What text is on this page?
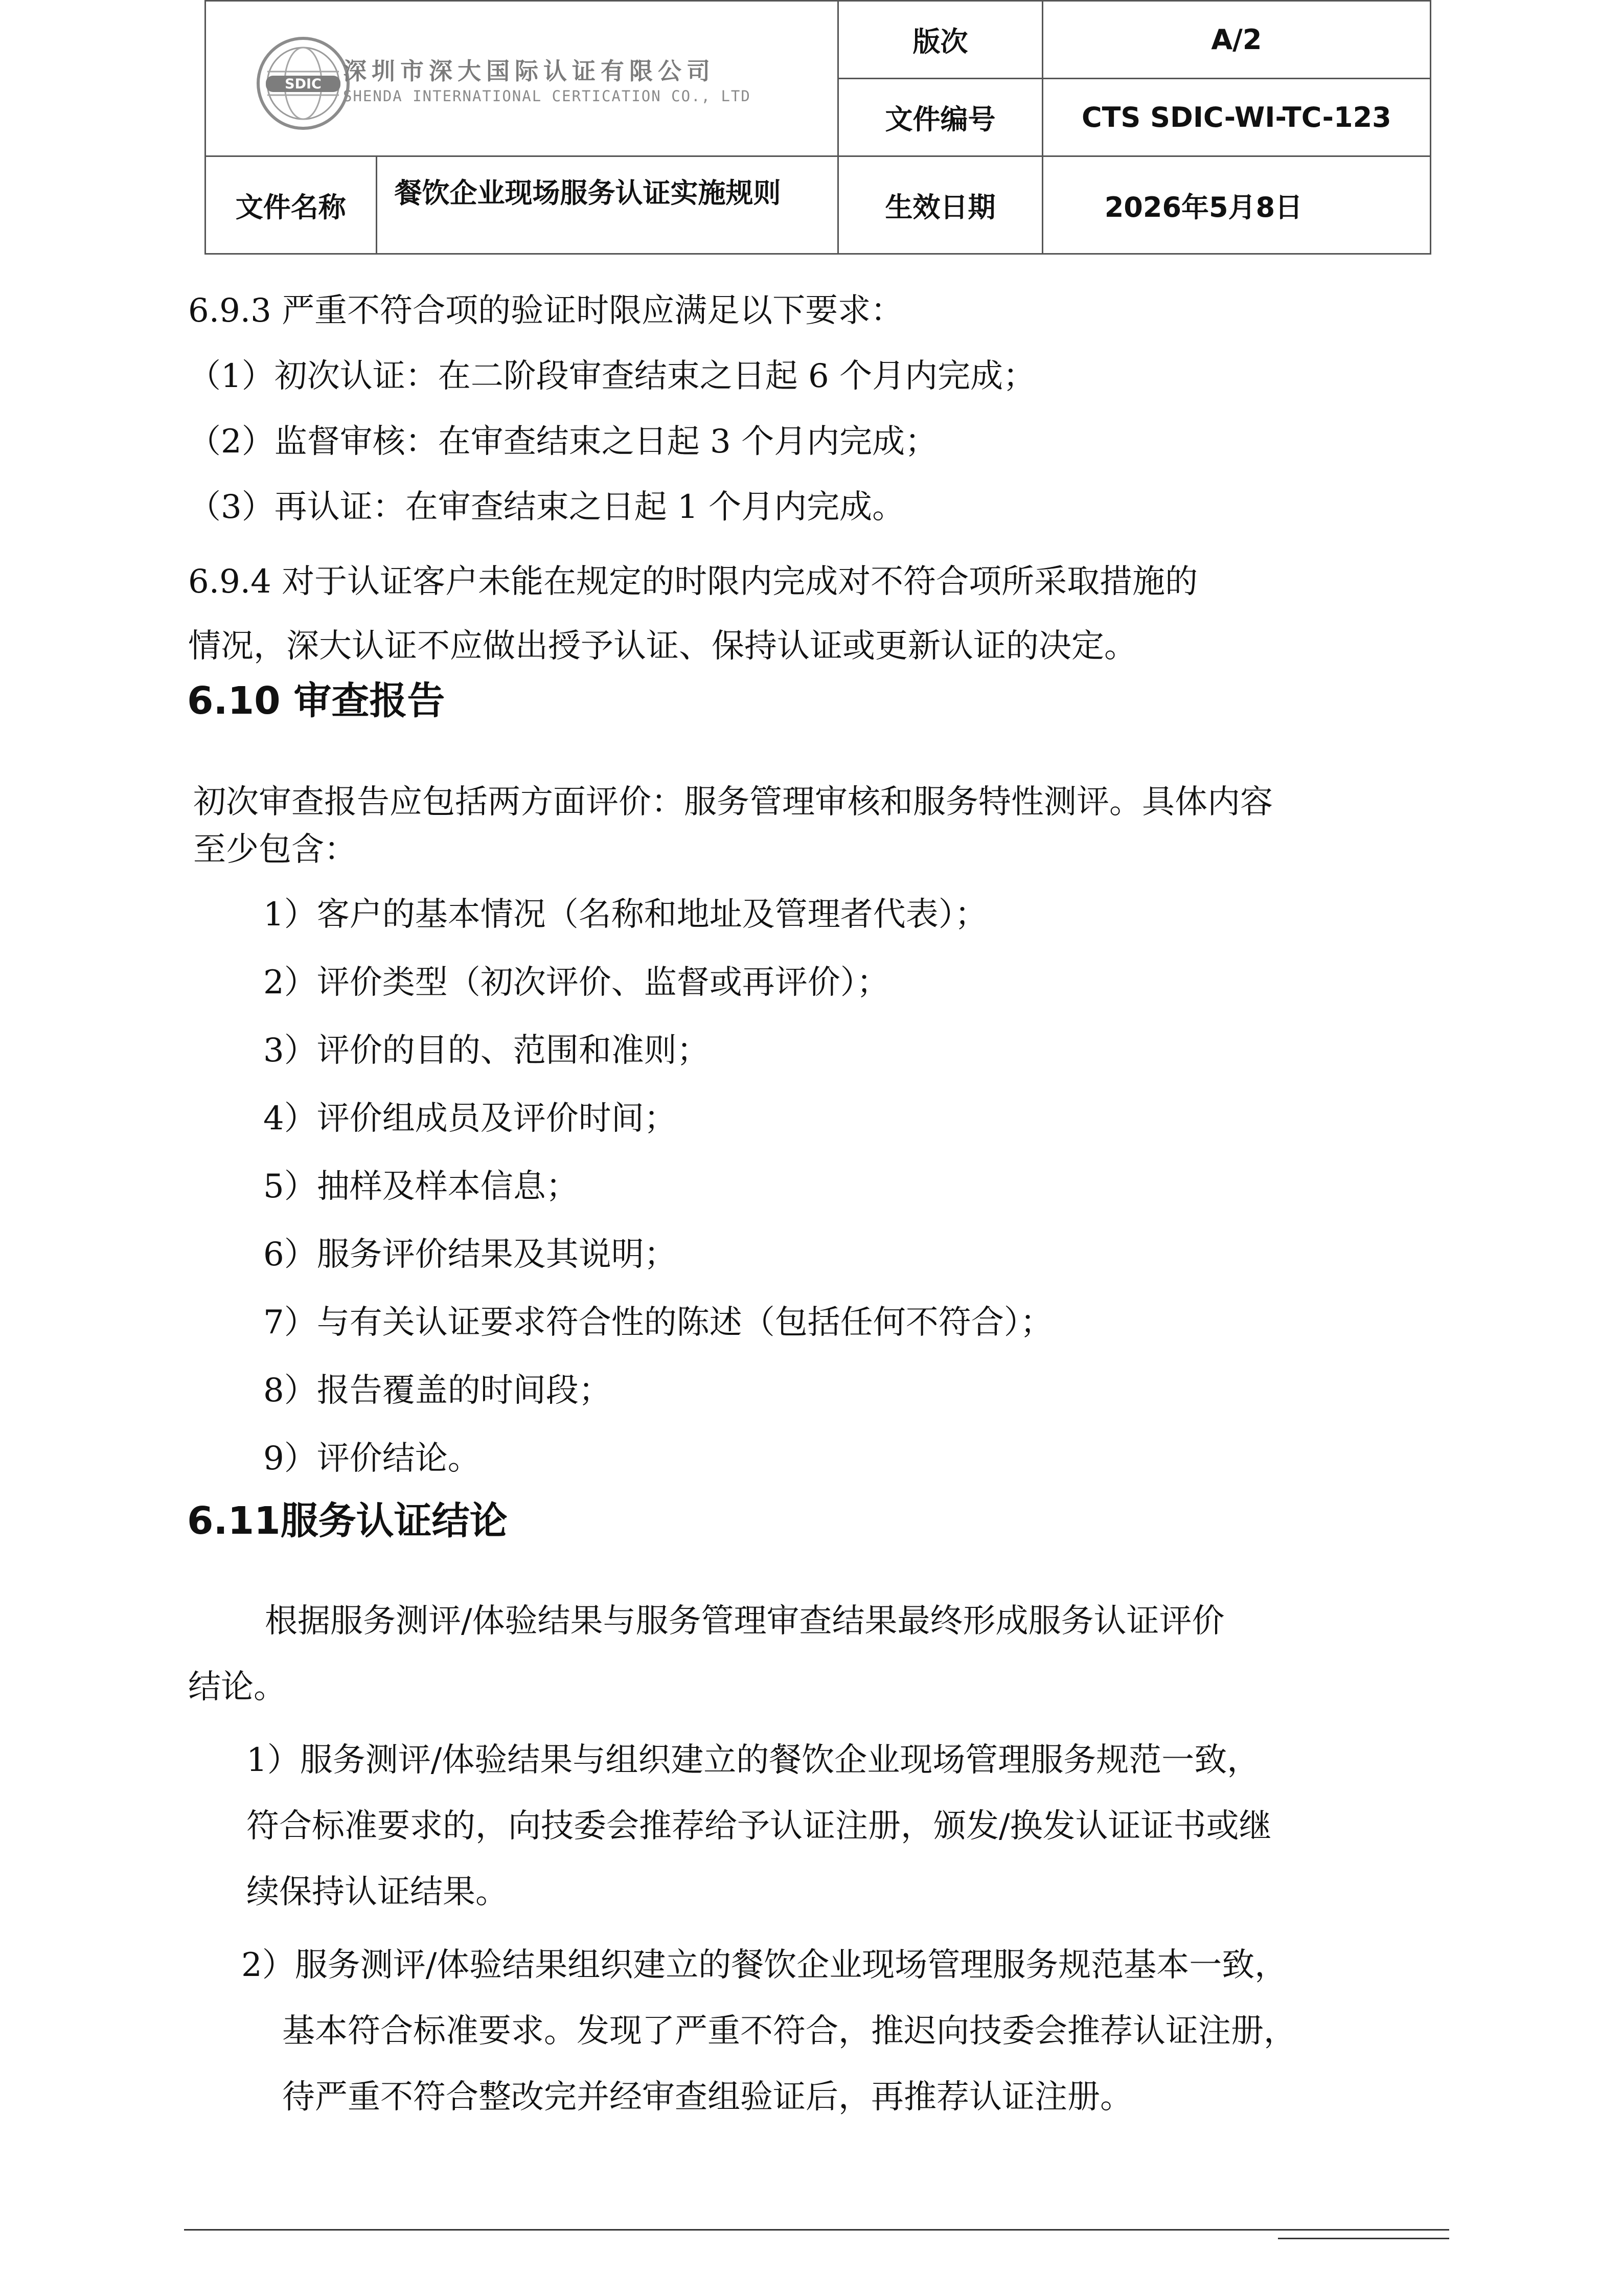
SDIC 深圳市深大国际认证有限公司
SHENDA INTERNATIONAL CERTICATION CO., LTD		版次	A/2
		文件编号	CTS SDIC-WI-TC-123
文件名称	餐饮企业现场服务认证实施规则	生效日期	2026年5月8日
6.9.3 严重不符合项的验证时限应满足以下要求：
（1）初次认证：在二阶段审查结束之日起 6 个月内完成；
（2）监督审核：在审查结束之日起 3 个月内完成；
（3）再认证：在审查结束之日起 1 个月内完成。
6.9.4 对于认证客户未能在规定的时限内完成对不符合项所采取措施的
情况，深大认证不应做出授予认证、保持认证或更新认证的决定。
6.10 审查报告
初次审查报告应包括两方面评价：服务管理审核和服务特性测评。具体内容
至少包含：
1）客户的基本情况（名称和地址及管理者代表）；
2）评价类型（初次评价、监督或再评价）；
3）评价的目的、范围和准则；
4）评价组成员及评价时间；
5）抽样及样本信息；
6）服务评价结果及其说明；
7）与有关认证要求符合性的陈述（包括任何不符合）；
8）报告覆盖的时间段；
9）评价结论。
6.11服务认证结论
根据服务测评/体验结果与服务管理审查结果最终形成服务认证评价
结论。
1）服务测评/体验结果与组织建立的餐饮企业现场管理服务规范一致，
符合标准要求的，向技委会推荐给予认证注册，颁发/换发认证证书或继
续保持认证结果。
2）服务测评/体验结果组织建立的餐饮企业现场管理服务规范基本一致，
基本符合标准要求。发现了严重不符合，推迟向技委会推荐认证注册，
待严重不符合整改完并经审查组验证后，再推荐认证注册。
